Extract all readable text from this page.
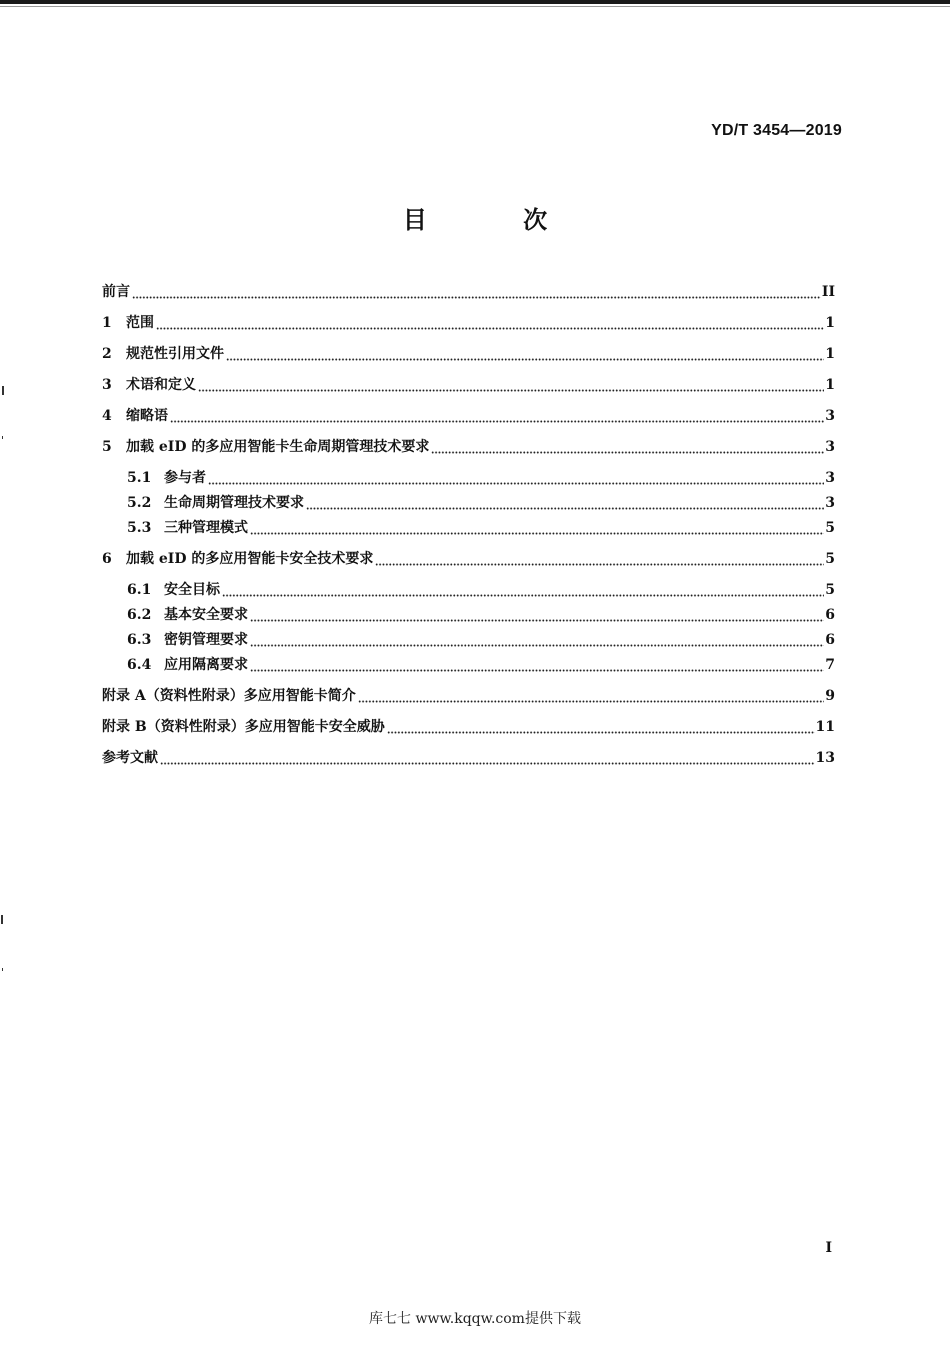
YD/T 3454—2019
目 次
前言	II
1	范围	1
2	规范性引用文件	1
3	术语和定义	1
4	缩略语	3
5	加载 eID 的多应用智能卡生命周期管理技术要求	3
5.1 参与者	3
5.2 生命周期管理技术要求	3
5.3 三种管理模式	5
6	加载 eID 的多应用智能卡安全技术要求	5
6.1 安全目标	5
6.2 基本安全要求	6
6.3 密钥管理要求	6
6.4 应用隔离要求	7
附录 A（资料性附录）多应用智能卡简介	9
附录 B（资料性附录）多应用智能卡安全威胁	11
参考文献	13
I
库七七 www.kqqw.com提供下载
